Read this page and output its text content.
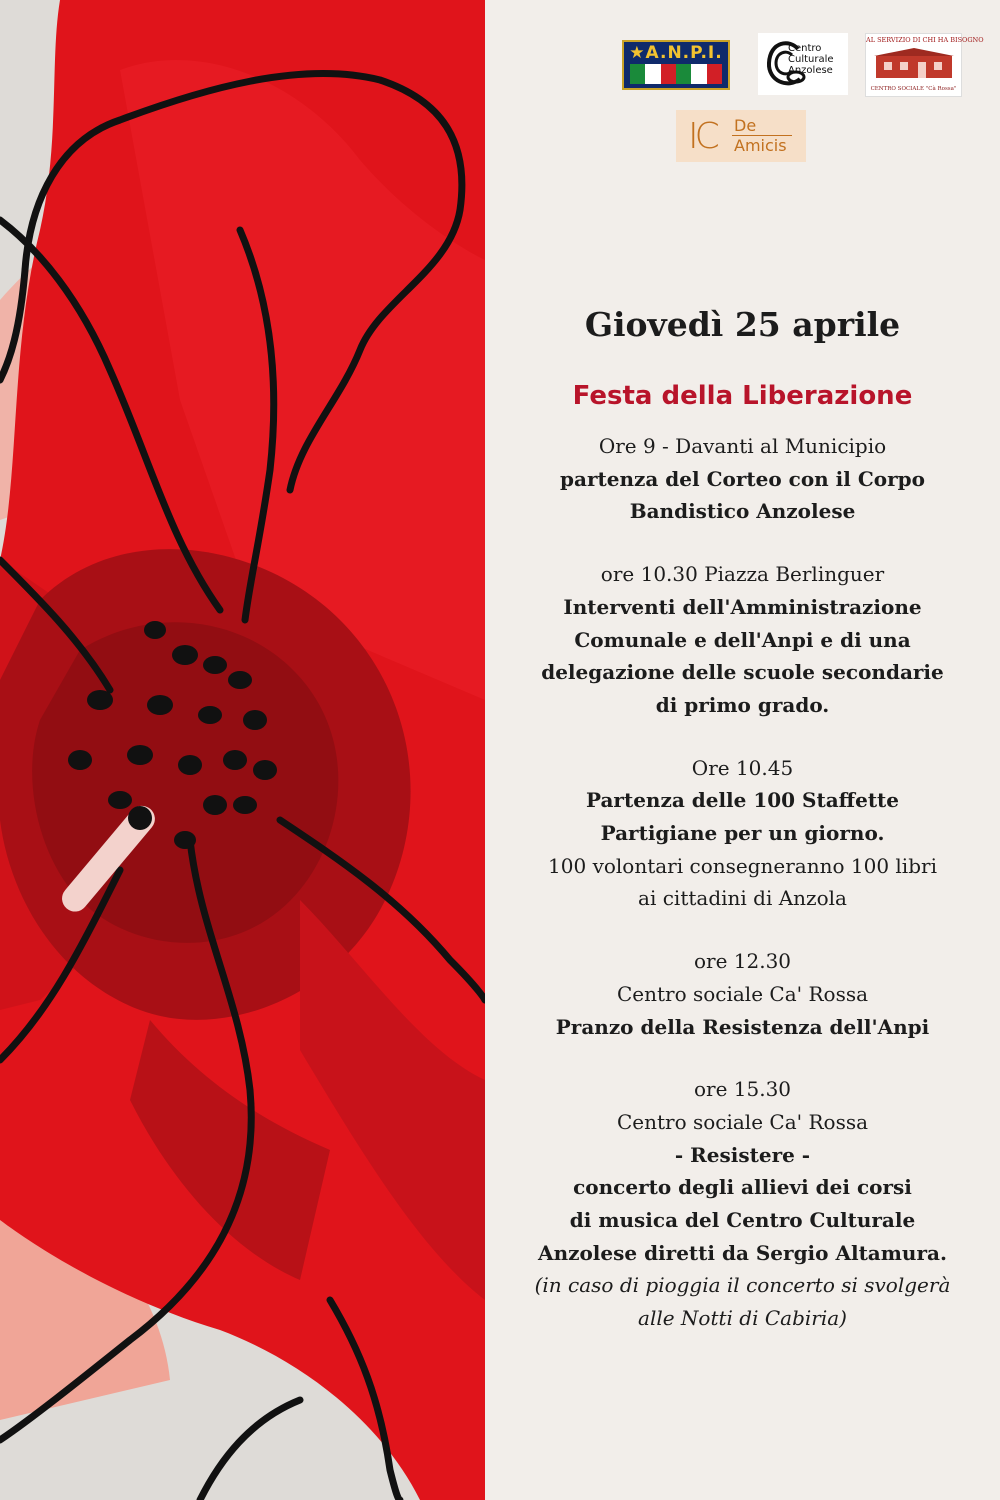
★A.N.P.I.	Centro Culturale Anzolese
AL SERVIZIO DI CHI HA BISOGNO
CENTRO SOCIALE "Cà Rossa"
IC De
Amicis
Giovedì 25 aprile
Festa della Liberazione
Ore 9 - Davanti al Municipio
partenza del Corteo con il Corpo
Bandistico Anzolese
ore 10.30 Piazza Berlinguer
Interventi dell'Amministrazione
Comunale e dell'Anpi e di una
delegazione delle scuole secondarie
di primo grado.
Ore 10.45
Partenza delle 100 Staffette
Partigiane per un giorno.
100 volontari consegneranno 100 libri
ai cittadini di Anzola
ore 12.30
Centro sociale Ca' Rossa
Pranzo della Resistenza dell'Anpi
ore 15.30
Centro sociale Ca' Rossa
- Resistere -
concerto degli allievi dei corsi
di musica del Centro Culturale
Anzolese diretti da Sergio Altamura.
(in caso di pioggia il concerto si svolgerà
alle Notti di Cabiria)
